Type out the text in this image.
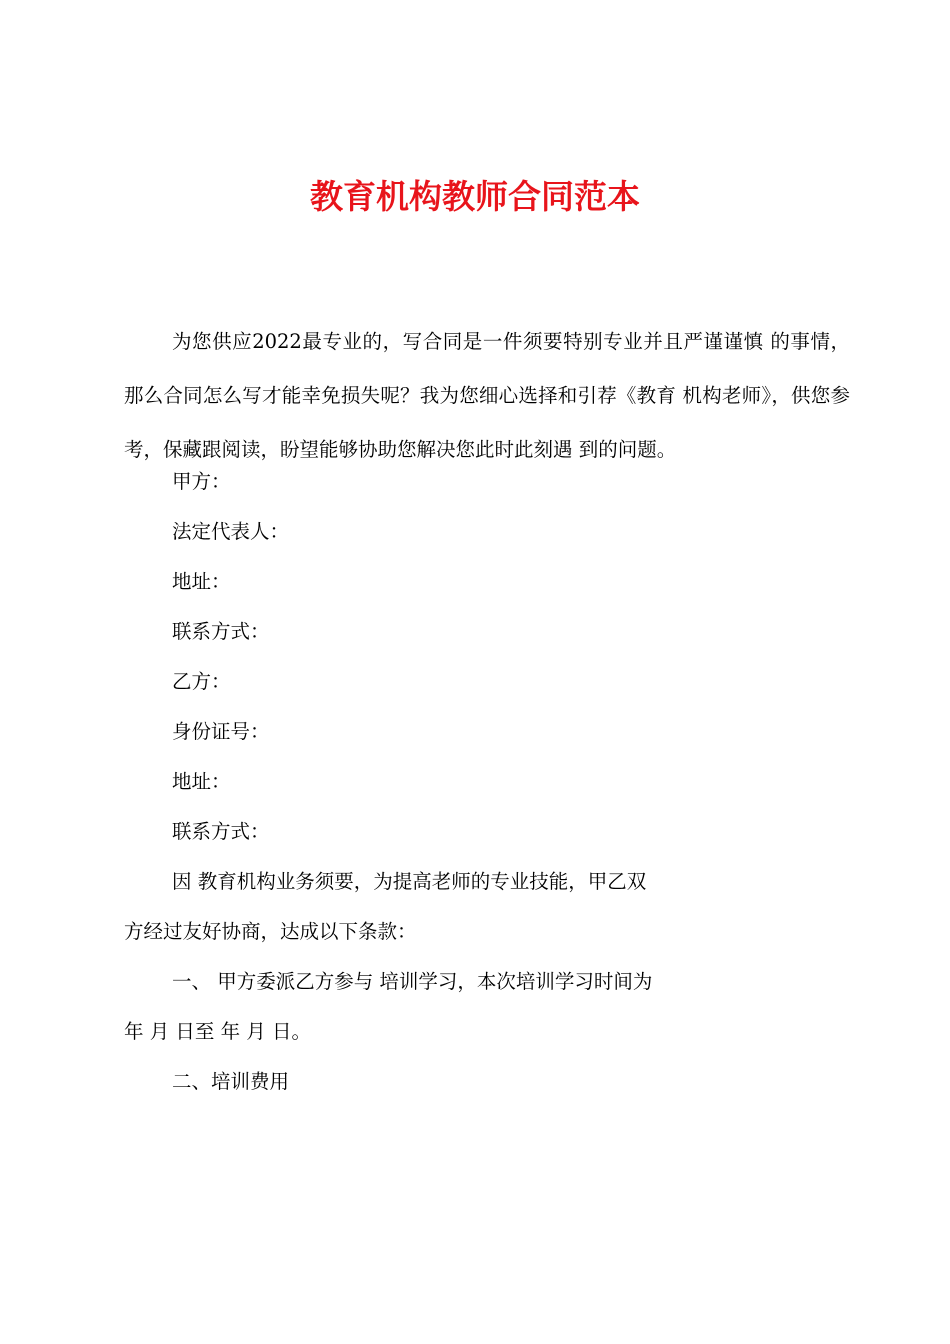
教育机构教师合同范本
为您供应2022最专业的，写合同是一件须要特别专业并且严谨谨慎 的事情，那么合同怎么写才能幸免损失呢？我为您细心选择和引荐《教育 机构老师》，供您参考，保藏跟阅读，盼望能够协助您解决您此时此刻遇 到的问题。
甲方：
法定代表人：
地址：
联系方式：
乙方：
身份证号：
地址：
联系方式：
因 教育机构业务须要，为提高老师的专业技能，甲乙双
方经过友好协商，达成以下条款：
一、 甲方委派乙方参与 培训学习，本次培训学习时间为
年 月 日至 年 月 日。
二、培训费用
